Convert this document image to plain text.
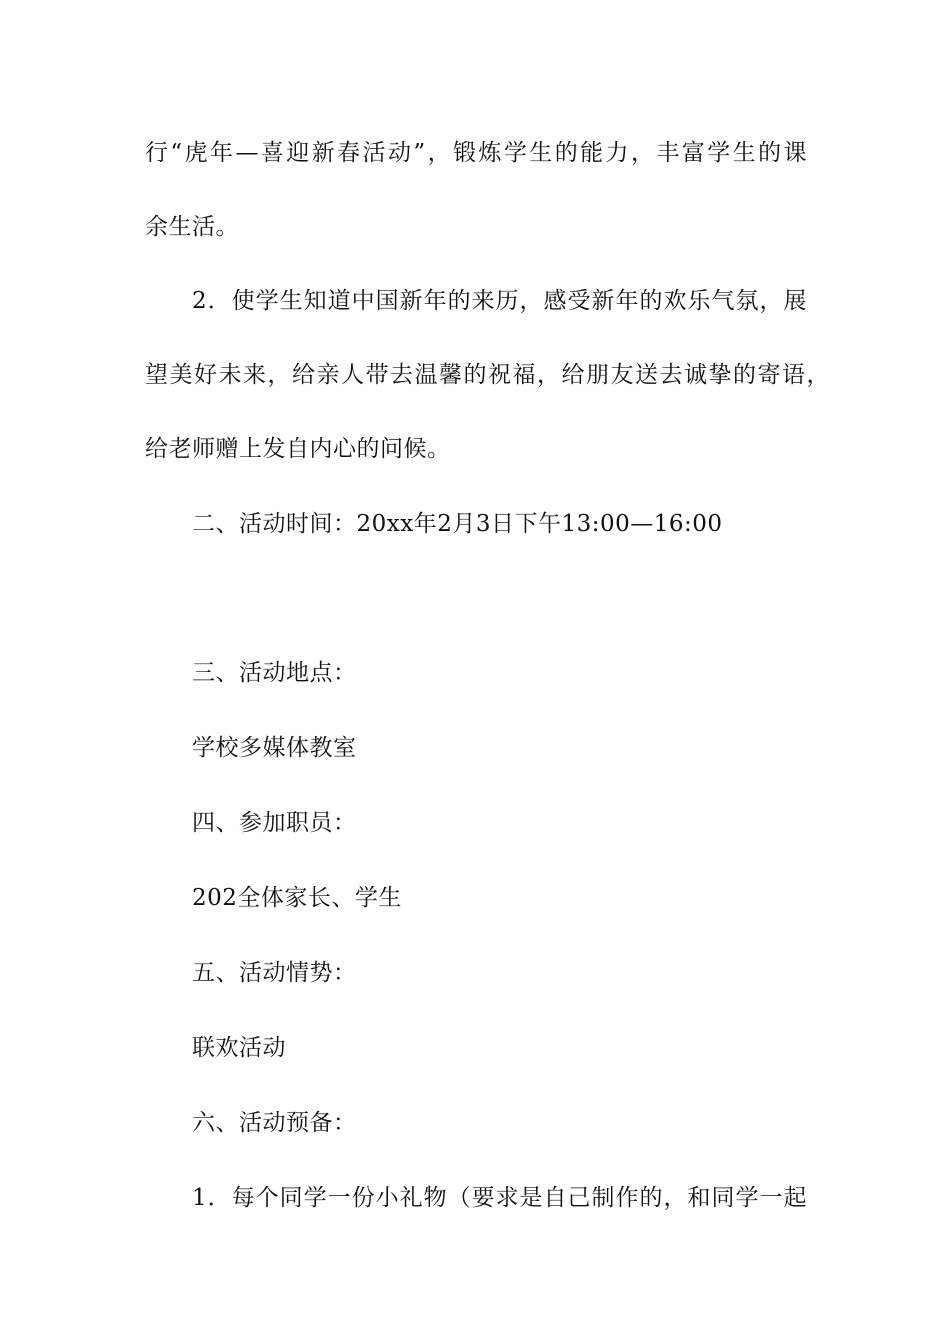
行“虎年—喜迎新春活动”，锻炼学生的能力，丰富学生的课
余生活。
2．使学生知道中国新年的来历，感受新年的欢乐气氛，展
望美好未来，给亲人带去温馨的祝福，给朋友送去诚挚的寄语，
给老师赠上发自内心的问候。
二、活动时间：20xx年2月3日下午13:00—16:00
三、活动地点：
学校多媒体教室
四、参加职员：
202全体家长、学生
五、活动情势：
联欢活动
六、活动预备：
1．每个同学一份小礼物（要求是自己制作的，和同学一起
